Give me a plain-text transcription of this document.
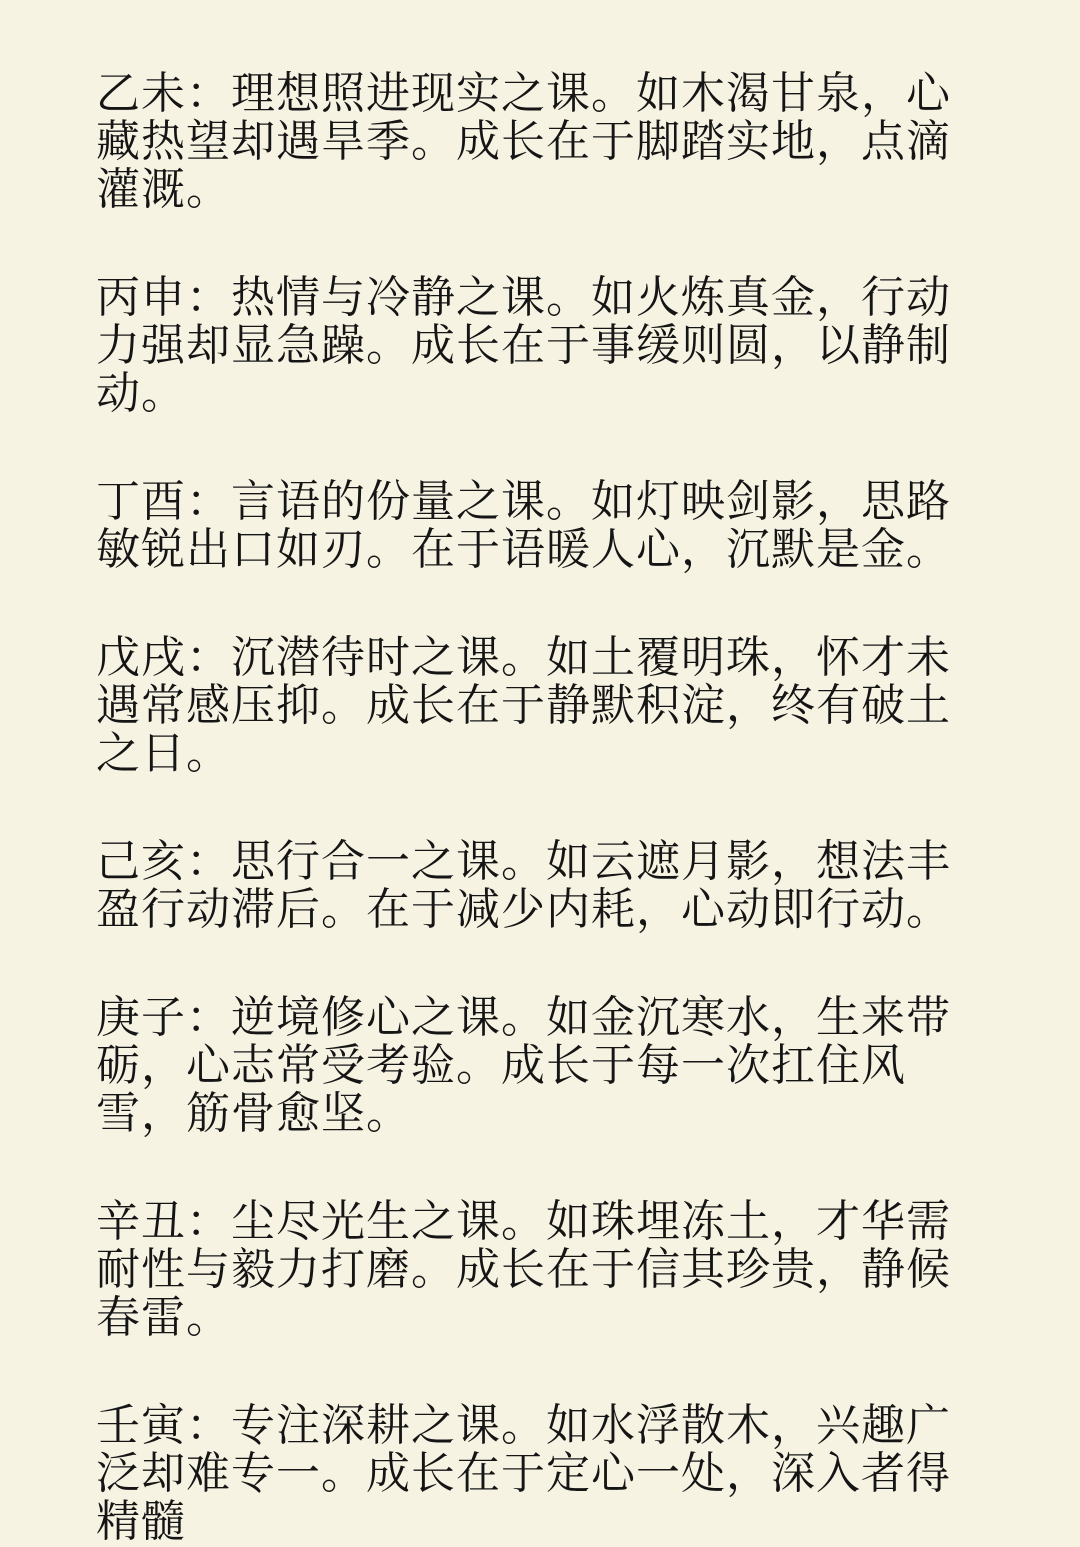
乙未：理想照进现实之课。如木渴甘泉，心藏热望却遇旱季。成长在于脚踏实地，点滴灌溉。

丙申：热情与冷静之课。如火炼真金，行动力强却显急躁。成长在于事缓则圆，以静制动。

丁酉：言语的份量之课。如灯映剑影，思路敏锐出口如刃。在于语暖人心，沉默是金。

戊戌：沉潜待时之课。如土覆明珠，怀才未遇常感压抑。成长在于静默积淀，终有破土之日。

己亥：思行合一之课。如云遮月影，想法丰盈行动滞后。在于减少内耗，心动即行动。

庚子：逆境修心之课。如金沉寒水，生来带砺，心志常受考验。成长于每一次扛住风雪，筋骨愈坚。

辛丑：尘尽光生之课。如珠埋冻土，才华需耐性与毅力打磨。成长在于信其珍贵，静候春雷。

壬寅：专注深耕之课。如水浮散木，兴趣广泛却难专一。成长在于定心一处，深入者得精髓
